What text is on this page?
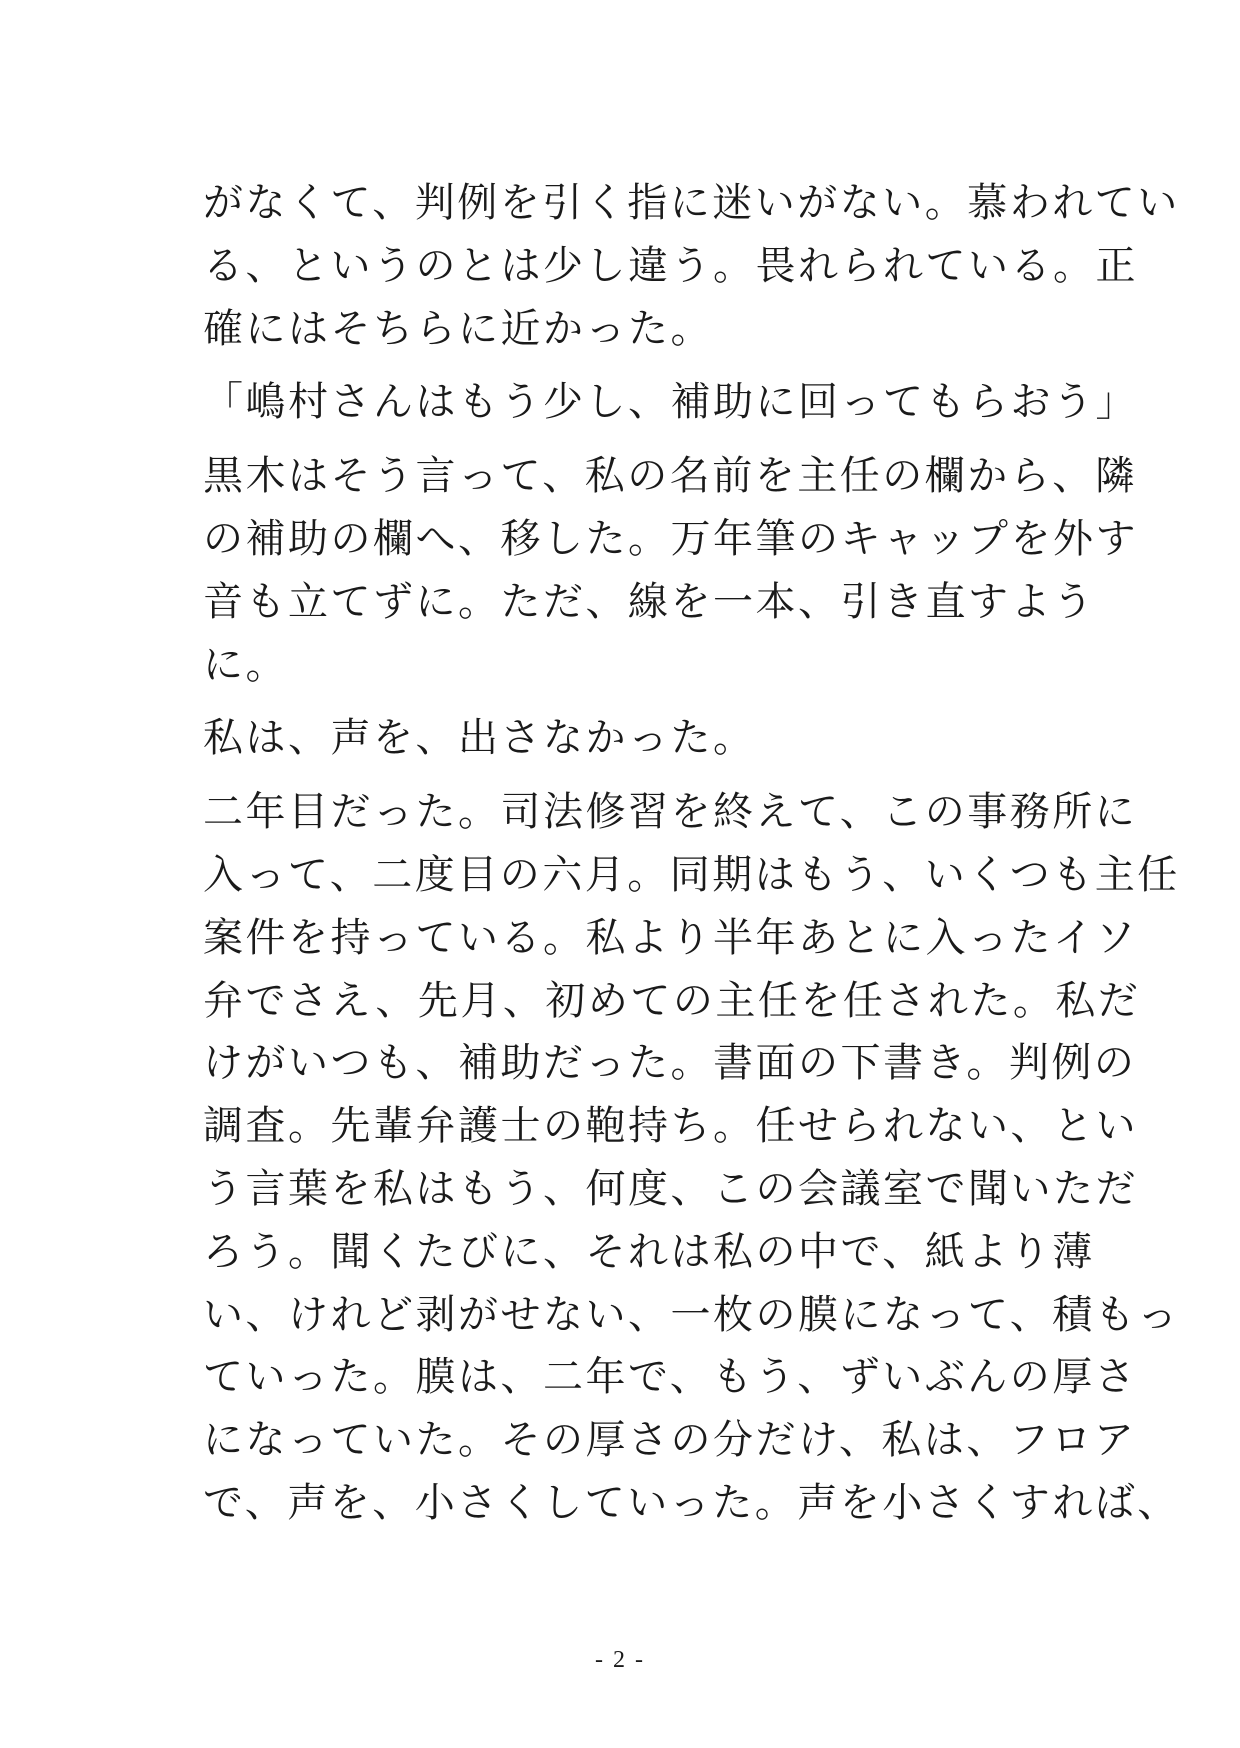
がなくて、判例を引く指に迷いがない。慕われてい

る、というのとは少し違う。畏れられている。正

確にはそちらに近かった。

「嶋村さんはもう少し、補助に回ってもらおう」

黒木はそう言って、私の名前を主任の欄から、隣

の補助の欄へ、移した。万年筆のキャップを外す

音も立てずに。ただ、線を一本、引き直すよう

に。

私は、声を、出さなかった。

二年目だった。司法修習を終えて、この事務所に

入って、二度目の六月。同期はもう、いくつも主任

案件を持っている。私より半年あとに入ったイソ

弁でさえ、先月、初めての主任を任された。私だ

けがいつも、補助だった。書面の下書き。判例の

調査。先輩弁護士の鞄持ち。任せられない、とい

う言葉を私はもう、何度、この会議室で聞いただ

ろう。聞くたびに、それは私の中で、紙より薄

い、けれど剥がせない、一枚の膜になって、積もっ

ていった。膜は、二年で、もう、ずいぶんの厚さ

になっていた。その厚さの分だけ、私は、フロア

で、声を、小さくしていった。声を小さくすれば、

- 2 -
